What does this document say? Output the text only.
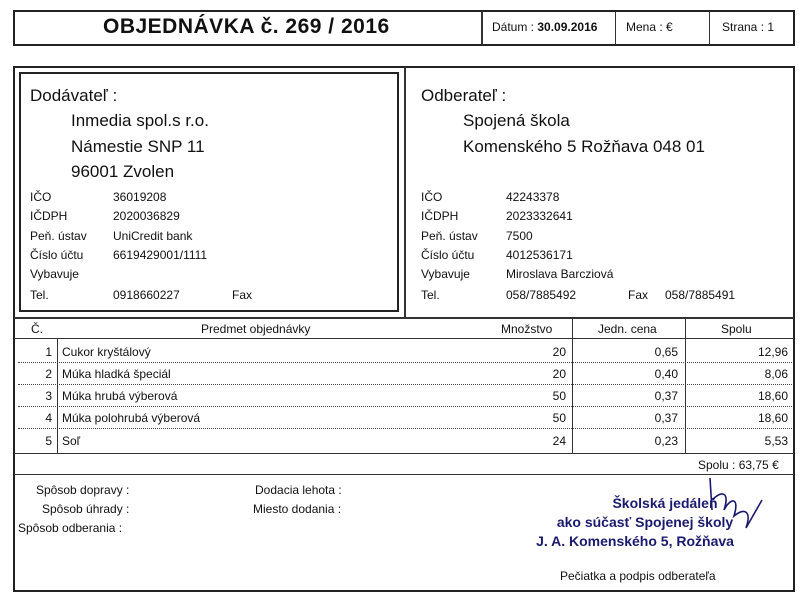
OBJEDNÁVKA č. 269 / 2016	Dátum : 30.09.2016 Mena : €	Strana : 1
Dodávateľ :
Inmedia spol.s r.o.
Námestie SNP 11
96001 Zvolen
IČO	36019208
IČDPH	2020036829
Peň. ústav UniCredit bank
Číslo účtu 6619429001/1111
Vybavuje
Tel.	0918660227	Fax
Odberateľ :
Spojená škola
Komenského 5 Rožňava 048 01
IČO	42243378
IČDPH	2023332641
Peň. ústav 7500
Číslo účtu	4012536171
Vybavuje	Miroslava Barcziová
Tel.	058/7885492	Fax 058/7885491
Č.	Predmet objednávky	Množstvo	Jedn. cena	Spolu
1 Cukor kryštálový	20	0,65	12,96
2 Múka hladká špeciál	20	0,40	8,06
3 Múka hrubá výberová	50	0,37	18,60
4 Múka polohrubá výberová	50	0,37	18,60
5 Soľ	24	0,23	5,53
Spolu : 63,75 €
Spôsob dopravy :
Spôsob úhrady :
Spôsob odberania :
Dodacia lehota :
Miesto dodania :	Školská jedáleň
ako súčasť Spojenej školy
J. A. Komenského 5, Rožňava
Pečiatka a podpis odberateľa
